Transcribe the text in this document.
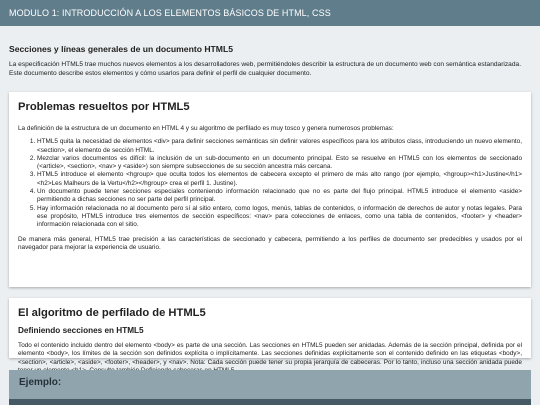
MODULO 1: INTRODUCCIÓN A LOS ELEMENTOS BÁSICOS DE HTML, CSS
Secciones y líneas generales de un documento HTML5

La especificación HTML5 trae muchos nuevos elementos a los desarrolladores web, permitiéndoles describir la estructura de un documento web con semántica estandarizada. Este documento describe estos elementos y cómo usarlos para definir el perfil de cualquier documento.

Problemas resueltos por HTML5

La definición de la estructura de un documento en HTML 4 y su algoritmo de perfilado es muy tosco y genera numerosos problemas:

1. HTML5 quita la necesidad de elementos <div> para definir secciones semánticas sin definir valores específicos para los atributos class, introduciendo un nuevo elemento, <section>, el elemento de sección HTML.
2. Mezclar varios documentos es difícil: la inclusión de un sub-documento en un documento principal. Esto se resuelve en HTML5 con los elementos de seccionado (<article>, <section>, <nav> y <aside>) son siempre subsecciones de su sección ancestra más cercana.
3. HTML5 introduce el elemento <hgroup> que oculta todos los elementos de cabecera excepto el primero de más alto rango (por ejemplo, <hgroup><h1>Justine</h1><h2>Les Malheurs de la Vertu</h2></hgroup> crea el perfil 1. Justine).
4. Un documento puede tener secciones especiales conteniendo información relacionado que no es parte del flujo principal. HTML5 introduce el elemento <aside> permitiendo a dichas secciones no ser parte del perfil principal.
5. Hay información relacionada no al documento pero sí al sitio entero, como logos, menús, tablas de contenidos, o información de derechos de autor y notas legales. Para ese propósito, HTML5 introduce tres elementos de sección específicos: <nav> para colecciones de enlaces, como una tabla de contenidos, <footer> y <header> información relacionada con el sitio.

De manera más general, HTML5 trae precisión a las características de seccionado y cabecera, permitiendo a los perfiles de documento ser predecibles y usados por el navegador para mejorar la experiencia de usuario.

El algoritmo de perfilado de HTML5
Definiendo secciones en HTML5

Todo el contenido incluido dentro del elemento <body> es parte de una sección. Las secciones en HTML5 pueden ser anidadas. Además de la sección principal, definida por el elemento <body>, los límites de la sección son definidos explícita o implícitamente. Las secciones definidas explícitamente son el contenido definido en las etiquetas <body>, <section>, <article>, <aside>, <footer>, <header>, y <nav>. Nota: Cada sección puede tener su propia jerarquía de cabeceras. Por lo tanto, incluso una sección anidada puede

Ejemplo:
